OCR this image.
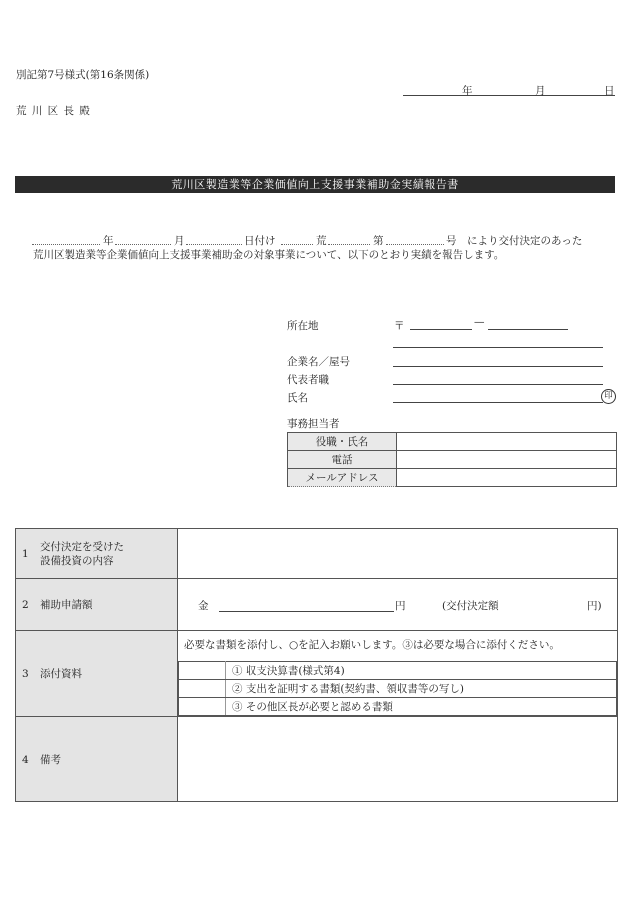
別記第7号様式(第16条関係)
年	月	日
荒 川 区 長 殿
荒川区製造業等企業価値向上支援事業補助金実績報告書
年	月	日付け	荒	第	号 により交付決定のあった
荒川区製造業等企業価値向上支援事業補助金の対象事業について、以下のとおり実績を報告します。
所在地	〒	—
企業名／屋号
代表者職
氏名	印
事務担当者
役職・氏名	
電話	
メールアドレス	
1
交付決定を受けた
設備投資の内容

2 補助申請額	金	円	(交付決定額	円)

3 添付資料	
必要な書類を添付し、○を記入お願いします。③は必要な場合に添付ください。
	① 収支決算書(様式第4)
	② 支出を証明する書類(契約書、領収書等の写し)
	③ その他区長が必要と認める書類

4 備考	
